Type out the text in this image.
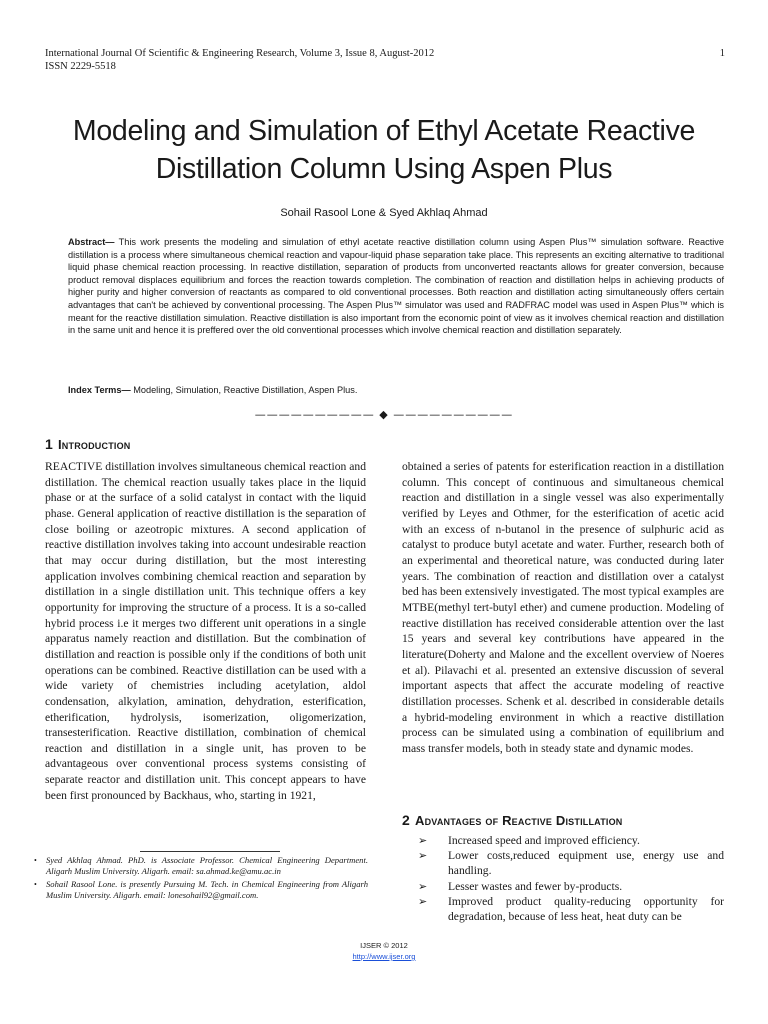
International Journal Of Scientific & Engineering Research, Volume 3, Issue 8, August-2012
ISSN 2229-5518
1
Modeling and Simulation of Ethyl Acetate Reactive Distillation Column Using Aspen Plus
Sohail Rasool Lone & Syed Akhlaq Ahmad

Abstract— This work presents the modeling and simulation of ethyl acetate reactive distillation column using Aspen Plus™ simulation software. Reactive distillation is a process where simultaneous chemical reaction and vapour-liquid phase separation take place. This represents an exciting alternative to traditional liquid phase chemical reaction processing. In reactive distillation, separation of products from unconverted reactants allows for greater conversion, because product removal displaces equilibrium and forces the reaction towards completion. The combination of reaction and distillation helps in achieving products of higher purity and higher conversion of reactants as compared to old conventional processes. Both reaction and distillation acting simultaneously offers certain advantages that can't be achieved by conventional processing. The Aspen Plus™ simulator was used and RADFRAC model was used in Aspen Plus™ which is meant for the reactive distillation simulation. Reactive distillation is also important from the economic point of view as it involves chemical reaction and distillation in the same unit and hence it is preffered over the old conventional processes which involve chemical reaction and distillation separately.

Index Terms— Modeling, Simulation, Reactive Distillation, Aspen Plus.

—————————— ◆ ——————————
1 Introduction

REACTIVE distillation involves simultaneous chemical reaction and distillation. The chemical reaction usually takes place in the liquid phase or at the surface of a solid catalyst in contact with the liquid phase. General application of reactive distillation is the separation of close boiling or azeotropic mixtures. A second application of reactive distillation involves taking into account undesirable reaction that may occur during distillation, but the most interesting application involves combining chemical reaction and separation by distillation in a single distillation unit. This technique offers a key opportunity for improving the structure of a process. It is a so-called hybrid process i.e it merges two different unit operations in a single apparatus namely reaction and distillation. But the combination of distillation and reaction is possible only if the conditions of both unit operations can be combined. Reactive distillation can be used with a wide variety of chemistries including acetylation, aldol condensation, alkylation, amination, dehydration, esterification, etherification, hydrolysis, isomerization, oligomerization, transesterification. Reactive distillation, combination of chemical reaction and distillation in a single unit, has proven to be advantageous over conventional process systems consisting of separate reactor and distillation unit. This concept appears to have been first pronounced by Backhaus, who, starting in 1921,

obtained a series of patents for esterification reaction in a distillation column. This concept of continuous and simultaneous chemical reaction and distillation in a single vessel was also experimentally verified by Leyes and Othmer, for the esterification of acetic acid with an excess of n-butanol in the presence of sulphuric acid as catalyst to produce butyl acetate and water. Further, research both of an experimental and theoretical nature, was conducted during later years. The combination of reaction and distillation over a catalyst bed has been extensively investigated. The most typical examples are MTBE(methyl tert-butyl ether) and cumene production. Modeling of reactive distillation has received considerable attention over the last 15 years and several key contributions have appeared in the literature(Doherty and Malone and the excellent overview of Noeres et al). Pilavachi et al. presented an extensive discussion of several important aspects that affect the accurate modeling of reactive distillation processes. Schenk et al. described in considerable details a hybrid-modeling environment in which a reactive distillation process can be simulated using a combination of equilibrium and mass transfer models, both in steady state and dynamic modes.

2 Advantages of Reactive Distillation
➢ Increased speed and improved efficiency.
➢ Lower costs,reduced equipment use, energy use and handling.
➢ Lesser wastes and fewer by-products.
➢ Improved product quality-reducing opportunity for degradation, because of less heat, heat duty can be
• Syed Akhlaq Ahmad. PhD. is Associate Professor. Chemical Engineering Department. Aligarh Muslim University. Aligarh. email: sa.ahmad.ke@amu.ac.in
• Sohail Rasool Lone. is presently Pursuing M. Tech. in Chemical Engineering from Aligarh Muslim University. Aligarh. email: lonesohail92@gmail.com.
IJSER © 2012
http://www.ijser.org
